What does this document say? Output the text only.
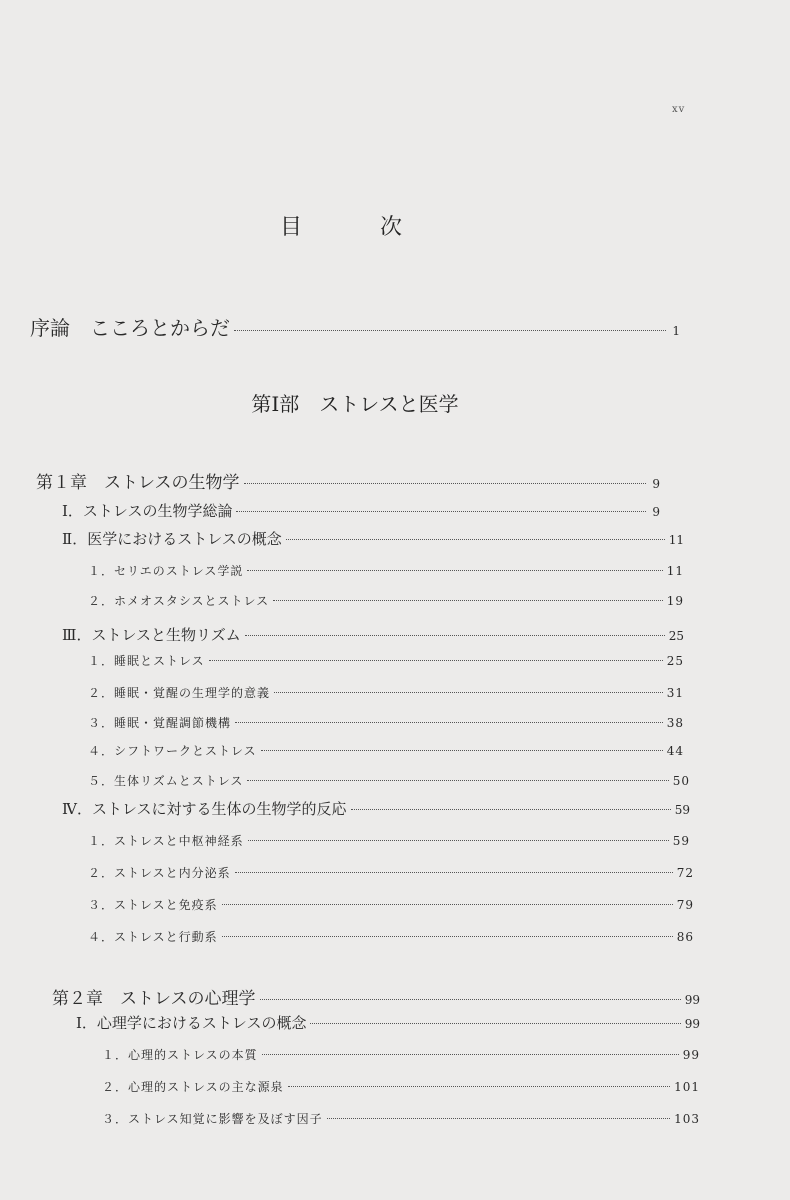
xv
目　次
序論　こころとからだ	1
第Ⅰ部　ストレスと医学
第１章　ストレスの生物学	9
Ⅰ．ストレスの生物学総論	9
Ⅱ．医学におけるストレスの概念	11
１．セリエのストレス学説	11
２．ホメオスタシスとストレス	19
Ⅲ．ストレスと生物リズム	25
１．睡眠とストレス	25
２．睡眠・覚醒の生理学的意義	31
３．睡眠・覚醒調節機構	38
４．シフトワークとストレス	44
５．生体リズムとストレス	50
Ⅳ．ストレスに対する生体の生物学的反応	59
１．ストレスと中枢神経系	59
２．ストレスと内分泌系	72
３．ストレスと免疫系	79
４．ストレスと行動系	86
第２章　ストレスの心理学	99
Ⅰ．心理学におけるストレスの概念	99
１．心理的ストレスの本質	99
２．心理的ストレスの主な源泉	101
３．ストレス知覚に影響を及ぼす因子	103
